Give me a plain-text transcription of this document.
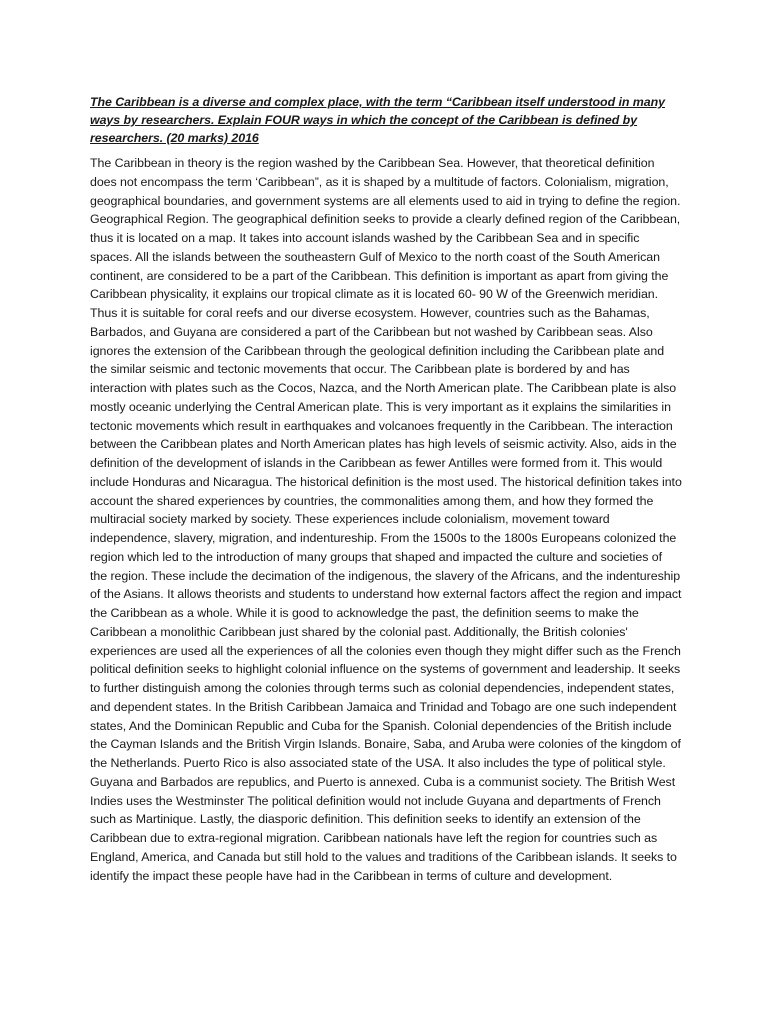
The Caribbean is a diverse and complex place, with the term “Caribbean itself understood in many ways by researchers. Explain FOUR ways in which the concept of the Caribbean is defined by researchers. (20 marks) 2016

The Caribbean in theory is the region washed by the Caribbean Sea. However, that theoretical definition does not encompass the term ‘Caribbean”, as it is shaped by a multitude of factors. Colonialism, migration, geographical boundaries, and government systems are all elements used to aid in trying to define the region. Geographical Region. The geographical definition seeks to provide a clearly defined region of the Caribbean, thus it is located on a map. It takes into account islands washed by the Caribbean Sea and in specific spaces. All the islands between the southeastern Gulf of Mexico to the north coast of the South American continent, are considered to be a part of the Caribbean. This definition is important as apart from giving the Caribbean physicality, it explains our tropical climate as it is located 60- 90 W of the Greenwich meridian. Thus it is suitable for coral reefs and our diverse ecosystem. However, countries such as the Bahamas, Barbados, and Guyana are considered a part of the Caribbean but not washed by Caribbean seas. Also ignores the extension of the Caribbean through the geological definition including the Caribbean plate and the similar seismic and tectonic movements that occur. The Caribbean plate is bordered by and has interaction with plates such as the Cocos, Nazca, and the North American plate. The Caribbean plate is also mostly oceanic underlying the Central American plate. This is very important as it explains the similarities in tectonic movements which result in earthquakes and volcanoes frequently in the Caribbean. The interaction between the Caribbean plates and North American plates has high levels of seismic activity. Also, aids in the definition of the development of islands in the Caribbean as fewer Antilles were formed from it. This would include Honduras and Nicaragua. The historical definition is the most used. The historical definition takes into account the shared experiences by countries, the commonalities among them, and how they formed the multiracial society marked by society. These experiences include colonialism, movement toward independence, slavery, migration, and indentureship. From the 1500s to the 1800s Europeans colonized the region which led to the introduction of many groups that shaped and impacted the culture and societies of the region. These include the decimation of the indigenous, the slavery of the Africans, and the indentureship of the Asians. It allows theorists and students to understand how external factors affect the region and impact the Caribbean as a whole. While it is good to acknowledge the past, the definition seems to make the Caribbean a monolithic Caribbean just shared by the colonial past. Additionally, the British colonies' experiences are used all the experiences of all the colonies even though they might differ such as the French political definition seeks to highlight colonial influence on the systems of government and leadership. It seeks to further distinguish among the colonies through terms such as colonial dependencies, independent states, and dependent states. In the British Caribbean Jamaica and Trinidad and Tobago are one such independent states, And the Dominican Republic and Cuba for the Spanish. Colonial dependencies of the British include the Cayman Islands and the British Virgin Islands. Bonaire, Saba, and Aruba were colonies of the kingdom of the Netherlands. Puerto Rico is also associated state of the USA. It also includes the type of political style. Guyana and Barbados are republics, and Puerto is annexed. Cuba is a communist society. The British West Indies uses the Westminster The political definition would not include Guyana and departments of French such as Martinique. Lastly, the diasporic definition. This definition seeks to identify an extension of the Caribbean due to extra-regional migration. Caribbean nationals have left the region for countries such as England, America, and Canada but still hold to the values and traditions of the Caribbean islands. It seeks to identify the impact these people have had in the Caribbean in terms of culture and development.
